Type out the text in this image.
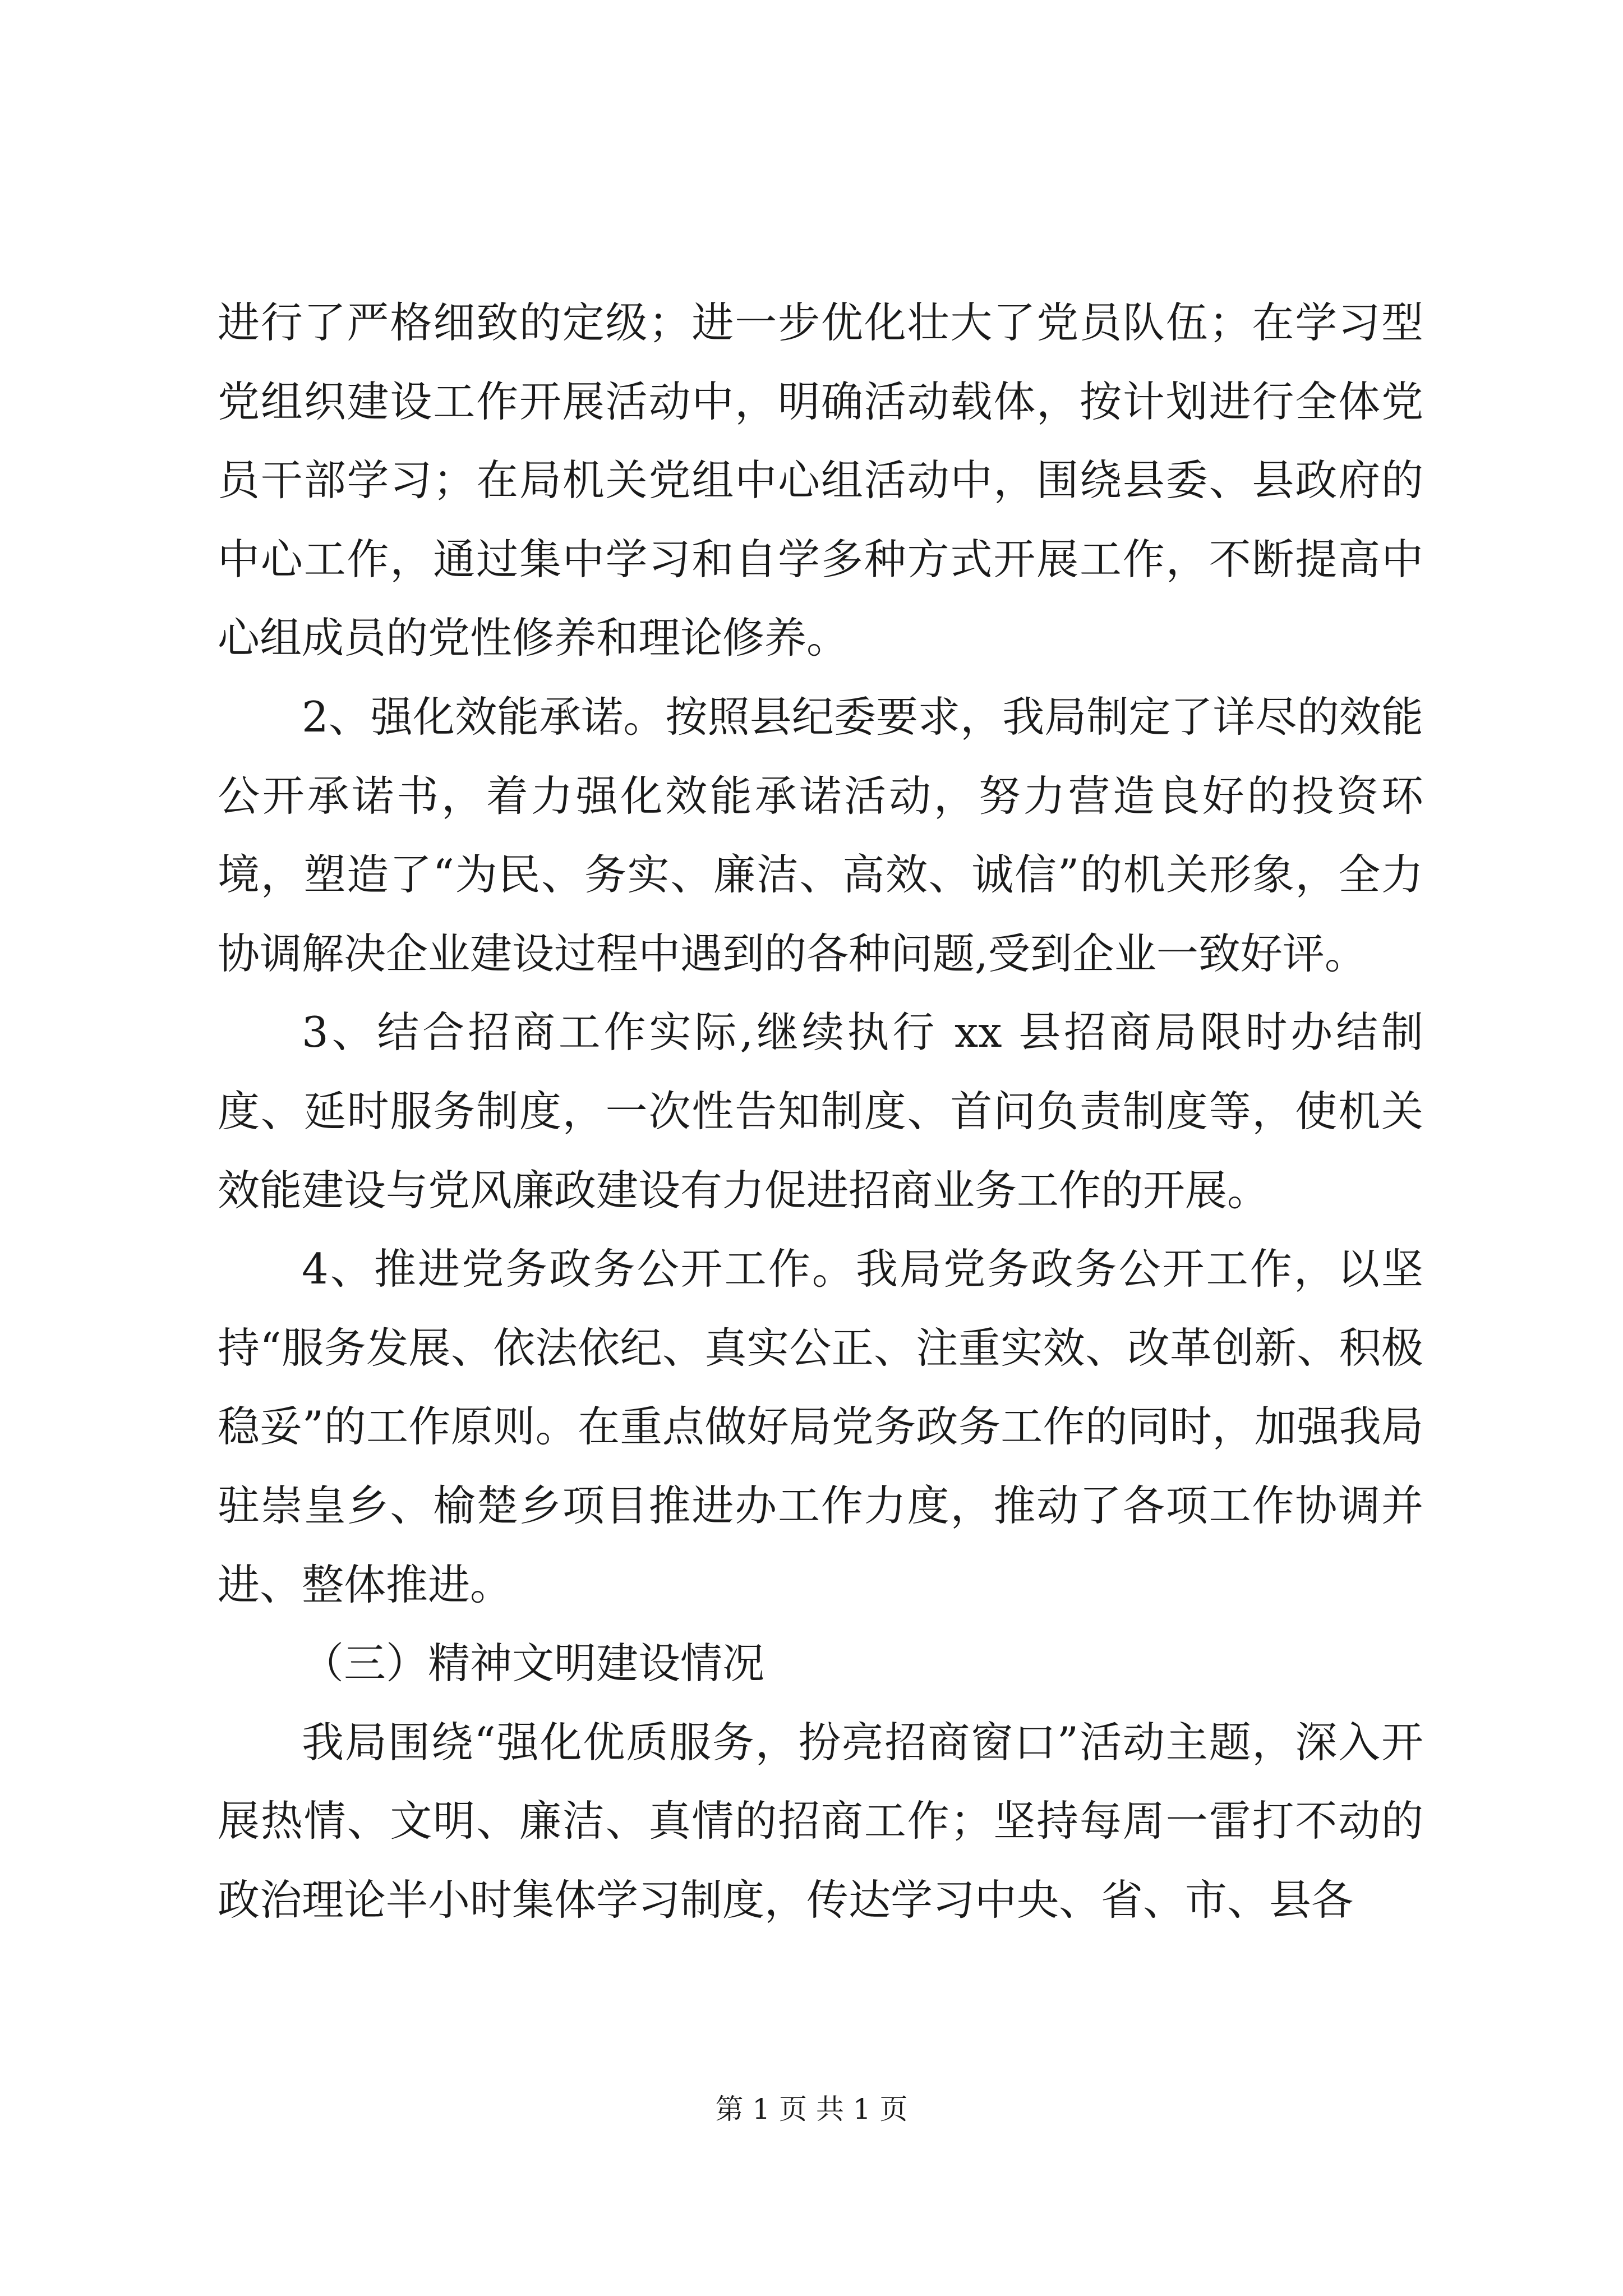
进行了严格细致的定级；进一步优化壮大了党员队伍；在学习型党组织建设工作开展活动中，明确活动载体，按计划进行全体党员干部学习；在局机关党组中心组活动中，围绕县委、县政府的中心工作，通过集中学习和自学多种方式开展工作，不断提高中心组成员的党性修养和理论修养。

2、强化效能承诺。按照县纪委要求，我局制定了详尽的效能公开承诺书，着力强化效能承诺活动，努力营造良好的投资环境，塑造了“为民、务实、廉洁、高效、诚信”的机关形象，全力协调解决企业建设过程中遇到的各种问题,受到企业一致好评。

3、结合招商工作实际,继续执行 xx 县招商局限时办结制度、延时服务制度，一次性告知制度、首问负责制度等，使机关效能建设与党风廉政建设有力促进招商业务工作的开展。

4、推进党务政务公开工作。我局党务政务公开工作，以坚持“服务发展、依法依纪、真实公正、注重实效、改革创新、积极稳妥”的工作原则。在重点做好局党务政务工作的同时，加强我局驻崇皇乡、榆楚乡项目推进办工作力度，推动了各项工作协调并进、整体推进。

（三）精神文明建设情况

我局围绕“强化优质服务，扮亮招商窗口”活动主题，深入开展热情、文明、廉洁、真情的招商工作；坚持每周一雷打不动的政治理论半小时集体学习制度，传达学习中央、省、市、县各

第 1 页 共 1 页
